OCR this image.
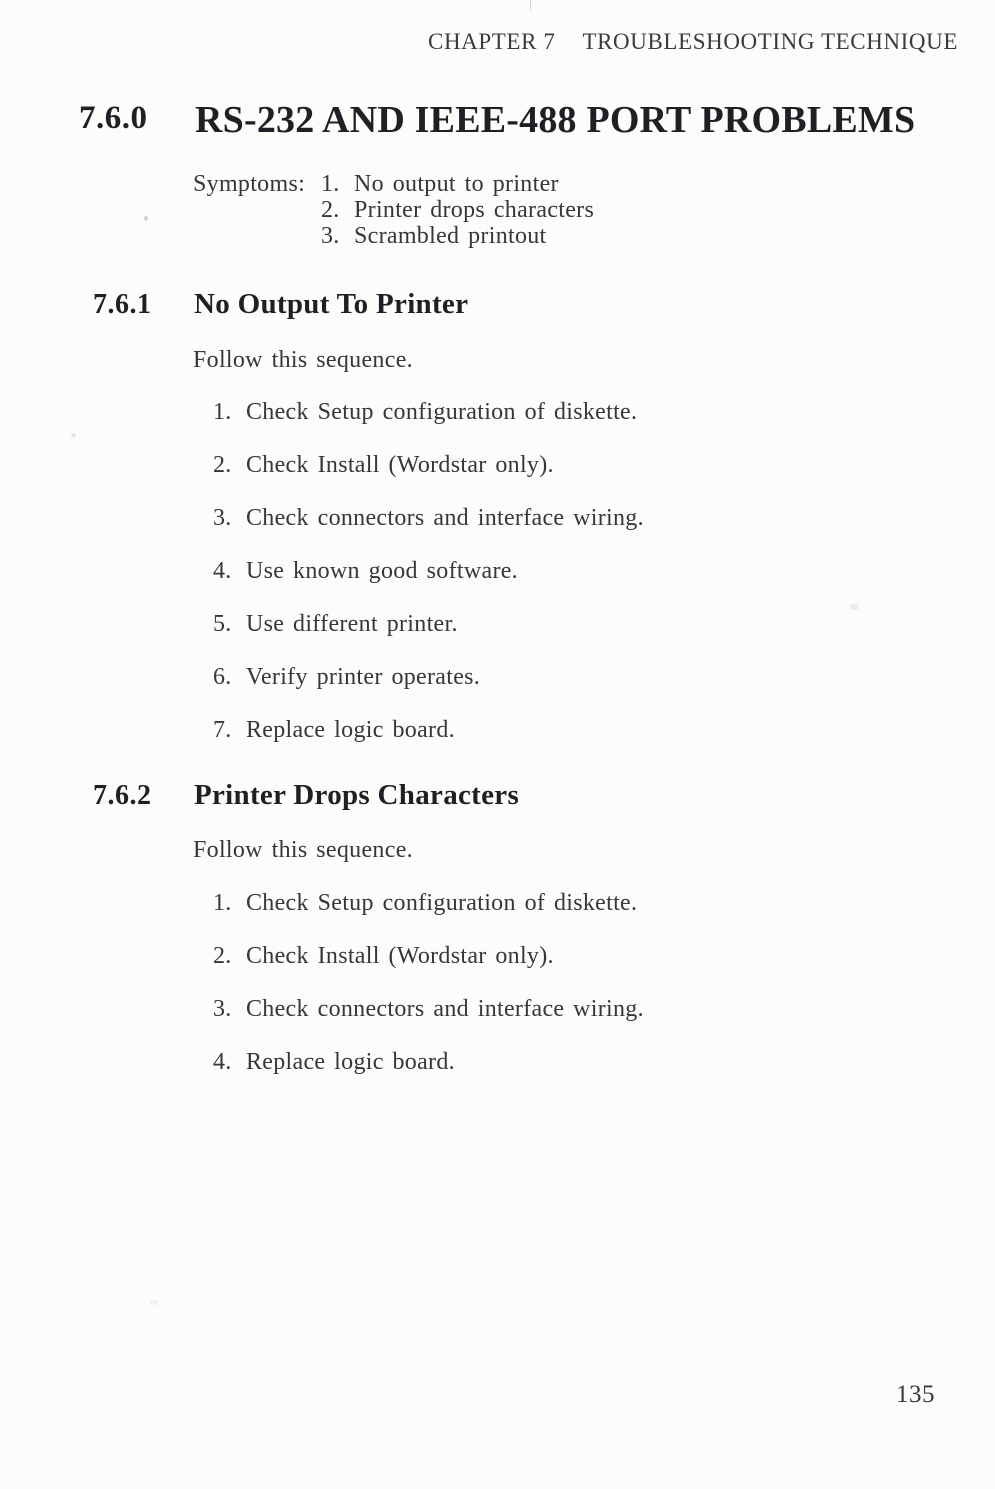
CHAPTER 7 TROUBLESHOOTING TECHNIQUE
7.6.0 RS-232 AND IEEE-488 PORT PROBLEMS
Symptoms: 1. No output to printer
2. Printer drops characters
3. Scrambled printout
7.6.1 No Output To Printer
Follow this sequence.
1. Check Setup configuration of diskette.
2. Check Install (Wordstar only).
3. Check connectors and interface wiring.
4. Use known good software.
5. Use different printer.
6. Verify printer operates.
7. Replace logic board.
7.6.2 Printer Drops Characters
Follow this sequence.
1. Check Setup configuration of diskette.
2. Check Install (Wordstar only).
3. Check connectors and interface wiring.
4. Replace logic board.
135
